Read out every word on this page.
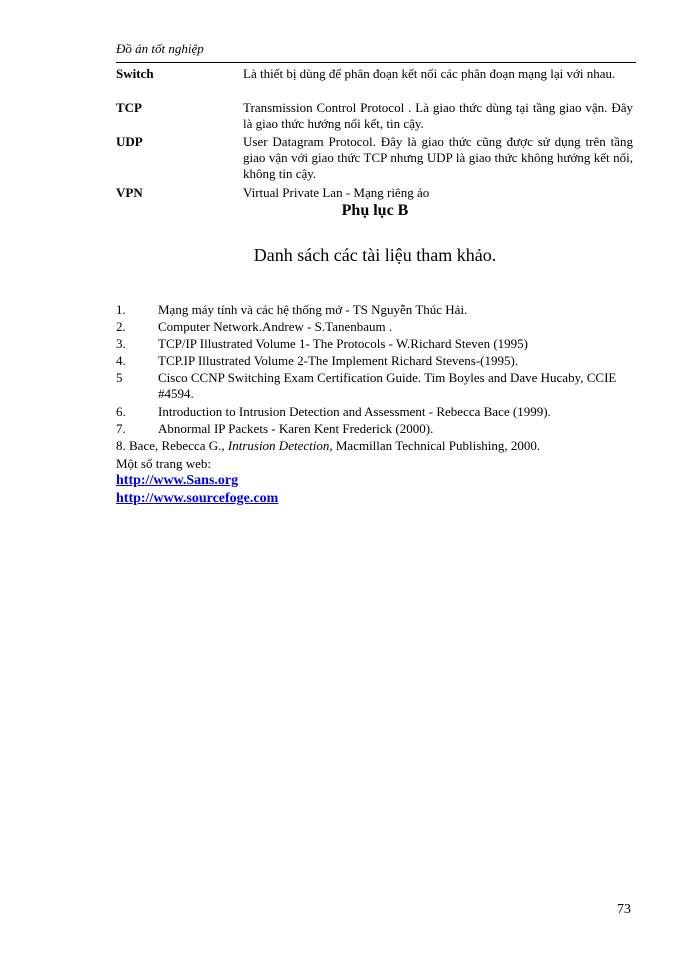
Đồ án tốt nghiệp
Switch	Là thiết bị dùng để phân đoạn kết nối các phân đoạn mạng lại với nhau.
TCP	Transmission Control Protocol . Là giao thức dùng tại tầng giao vận. Đây là giao thức hướng nối kết, tin cậy.
UDP	User Datagram Protocol. Đây là giao thức cũng được sử dụng trên tầng giao vận với giao thức TCP nhưng UDP là giao thức không hướng kết nối, không tin cậy.
VPN	Virtual Private Lan - Mạng riêng ảo
Phụ lục B
Danh sách các tài liệu tham khảo.
1. Mạng máy tính và các hệ thống mở - TS Nguyễn Thúc Hải.
2. Computer Network.Andrew - S.Tanenbaum .
3. TCP/IP Illustrated Volume 1- The Protocols - W.Richard Steven (1995)
4. TCP.IP Illustrated Volume 2-The Implement Richard Stevens-(1995).
5	Cisco CCNP Switching Exam Certification Guide. Tim Boyles and Dave Hucaby, CCIE #4594.
6. Introduction to Intrusion Detection and Assessment - Rebecca Bace (1999).
7. Abnormal IP Packets - Karen Kent Frederick (2000).
8. Bace, Rebecca G., Intrusion Detection, Macmillan Technical Publishing, 2000.
Một số trang web:
http://www.Sans.org
http://www.sourcefoge.com
73
